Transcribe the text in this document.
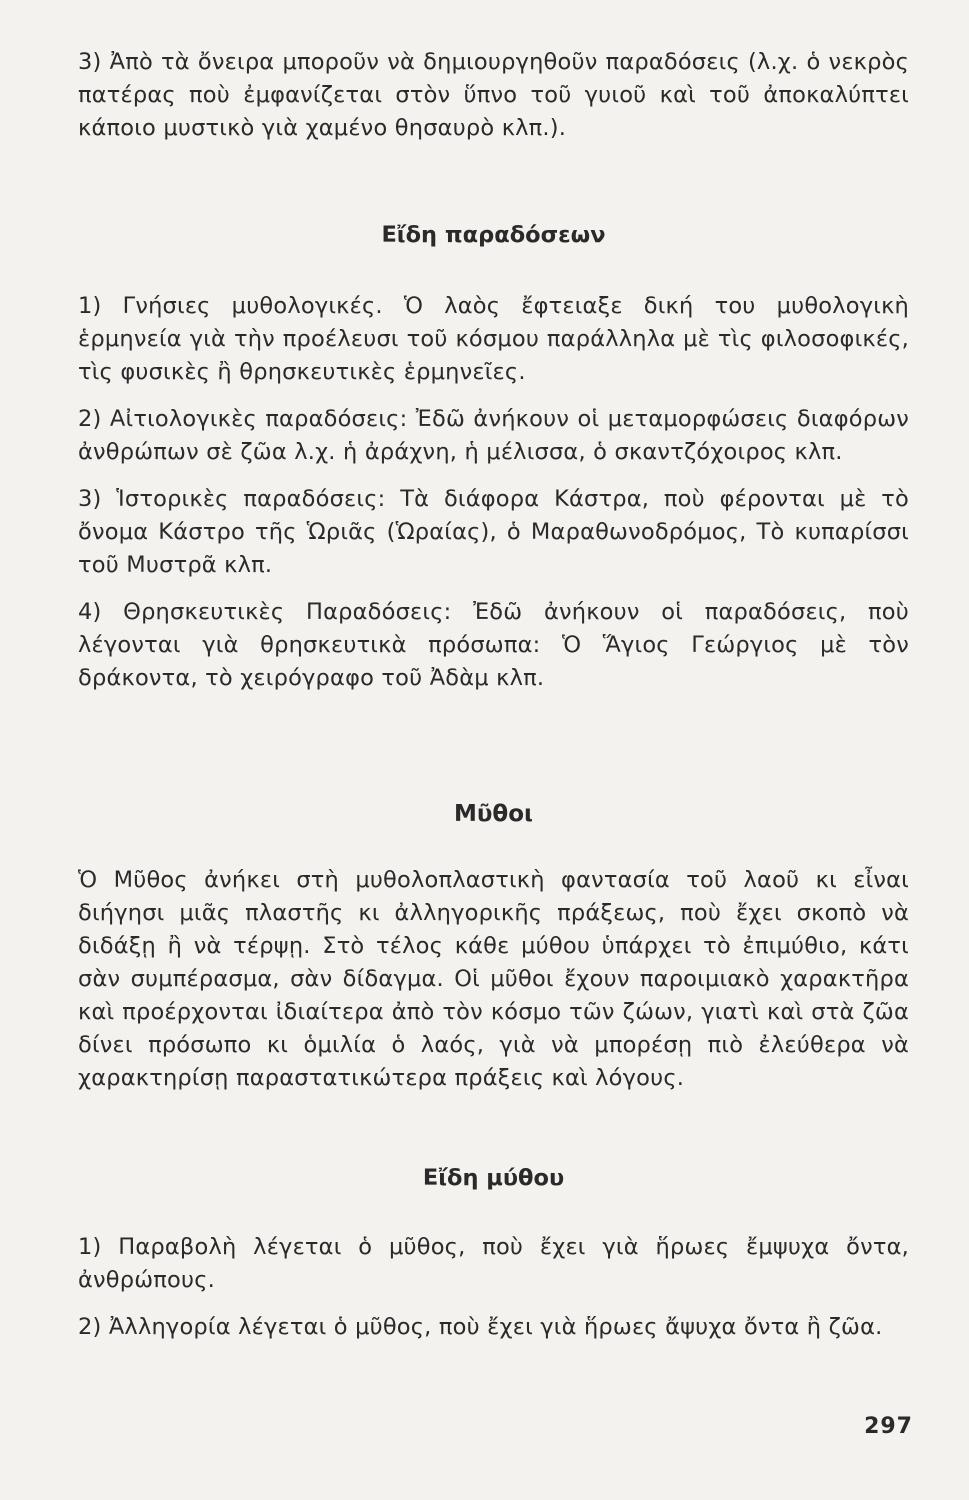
3) Ἀπὸ τὰ ὄνειρα μποροῦν νὰ δημιουργηθοῦν παραδόσεις (λ.χ. ὁ νεκρὸς πατέρας ποὺ ἐμφανίζεται στὸν ὕπνο τοῦ γυιοῦ καὶ τοῦ ἀποκαλύπτει κάποιο μυστικὸ γιὰ χαμένο θησαυρὸ κλπ.).

Εἴδη παραδόσεων

1) Γνήσιες μυθολογικές. Ὁ λαὸς ἔφτειαξε δική του μυθολογικὴ ἑρμηνεία γιὰ τὴν προέλευσι τοῦ κόσμου παράλληλα μὲ τὶς φιλοσοφικές, τὶς φυσικὲς ἢ θρησκευτικὲς ἑρμηνεῖες.

2) Αἰτιολογικὲς παραδόσεις: Ἐδῶ ἀνήκουν οἱ μεταμορφώσεις διαφόρων ἀνθρώπων σὲ ζῶα λ.χ. ἡ ἀράχνη, ἡ μέλισσα, ὁ σκαντζόχοιρος κλπ.

3) Ἱστορικὲς παραδόσεις: Τὰ διάφορα Κάστρα, ποὺ φέρονται μὲ τὸ ὄνομα Κάστρο τῆς Ὡριᾶς (Ὡραίας), ὁ Μαραθωνοδρόμος, Τὸ κυπαρίσσι τοῦ Μυστρᾶ κλπ.

4) Θρησκευτικὲς Παραδόσεις: Ἐδῶ ἀνήκουν οἱ παραδόσεις, ποὺ λέγονται γιὰ θρησκευτικὰ πρόσωπα: Ὁ Ἅγιος Γεώργιος μὲ τὸν δράκοντα, τὸ χειρόγραφο τοῦ Ἀδὰμ κλπ.

Μῦθοι

Ὁ Μῦθος ἀνήκει στὴ μυθολοπλαστικὴ φαντασία τοῦ λαοῦ κι εἶναι διήγησι μιᾶς πλαστῆς κι ἀλληγορικῆς πράξεως, ποὺ ἔχει σκοπὸ νὰ διδάξῃ ἢ νὰ τέρψῃ. Στὸ τέλος κάθε μύθου ὑπάρχει τὸ ἐπιμύθιο, κάτι σὰν συμπέρασμα, σὰν δίδαγμα. Οἱ μῦθοι ἔχουν παροιμιακὸ χαρακτῆρα καὶ προέρχονται ἰδιαίτερα ἀπὸ τὸν κόσμο τῶν ζώων, γιατὶ καὶ στὰ ζῶα δίνει πρόσωπο κι ὁμιλία ὁ λαός, γιὰ νὰ μπορέσῃ πιὸ ἐλεύθερα νὰ χαρακτηρίσῃ παραστατικώτερα πράξεις καὶ λόγους.

Εἴδη μύθου

1) Παραβολὴ λέγεται ὁ μῦθος, ποὺ ἔχει γιὰ ἥρωες ἔμψυχα ὄντα, ἀνθρώπους.

2) Ἀλληγορία λέγεται ὁ μῦθος, ποὺ ἔχει γιὰ ἥρωες ἄψυχα ὄντα ἢ ζῶα.

297
